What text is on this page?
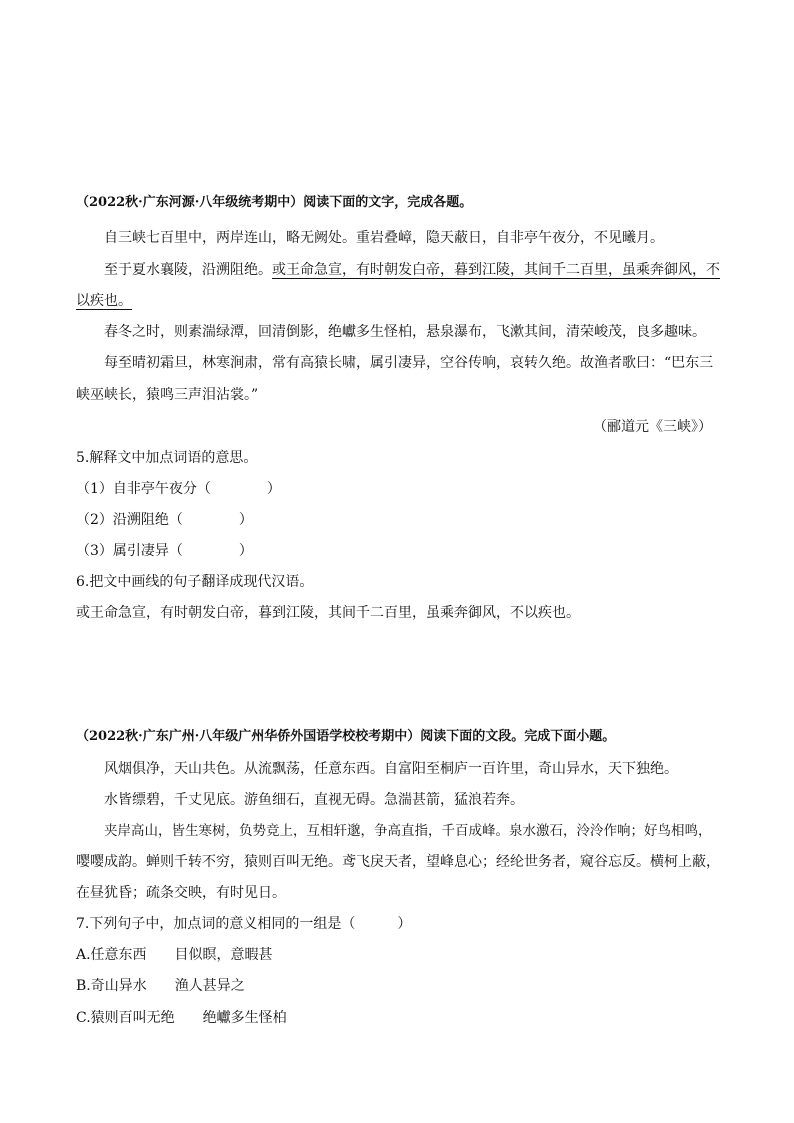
（2022秋·广东河源·八年级统考期中）阅读下面的文字，完成各题。
自三峡七百里中，两岸连山，略无阙处。重岩叠嶂，隐天蔽日，自非亭午夜分，不见曦月。
至于夏水襄陵，沿溯阻绝。或王命急宣，有时朝发白帝，暮到江陵，其间千二百里，虽乘奔御风，不
以疾也。
春冬之时，则素湍绿潭，回清倒影，绝巘多生怪柏，悬泉瀑布，飞漱其间，清荣峻茂，良多趣味。
每至晴初霜旦，林寒涧肃，常有高猿长啸，属引凄异，空谷传响，哀转久绝。故渔者歌曰：“巴东三
峡巫峡长，猿鸣三声泪沾裳。”
（郦道元《三峡》）
5.解释文中加点词语的意思。
（1）自非亭午夜分（　　　　）
（2）沿溯阻绝（　　　　）
（3）属引凄异（　　　　）
6.把文中画线的句子翻译成现代汉语。
或王命急宣，有时朝发白帝，暮到江陵，其间千二百里，虽乘奔御风，不以疾也。
（2022秋·广东广州·八年级广州华侨外国语学校校考期中）阅读下面的文段。完成下面小题。
风烟俱净，天山共色。从流飘荡，任意东西。自富阳至桐庐一百许里，奇山异水，天下独绝。
水皆缥碧，千丈见底。游鱼细石，直视无碍。急湍甚箭，猛浪若奔。
夹岸高山，皆生寒树，负势竞上，互相轩邈，争高直指，千百成峰。泉水激石，泠泠作响；好鸟相鸣，
嘤嘤成韵。蝉则千转不穷，猿则百叫无绝。鸢飞戾天者，望峰息心；经纶世务者，窥谷忘反。横柯上蔽，
在昼犹昏；疏条交映，有时见日。
7.下列句子中，加点词的意义相同的一组是（　　　）
A.任意东西　　目似瞑，意暇甚
B.奇山异水　　渔人甚异之
C.猿则百叫无绝　　绝巘多生怪柏
